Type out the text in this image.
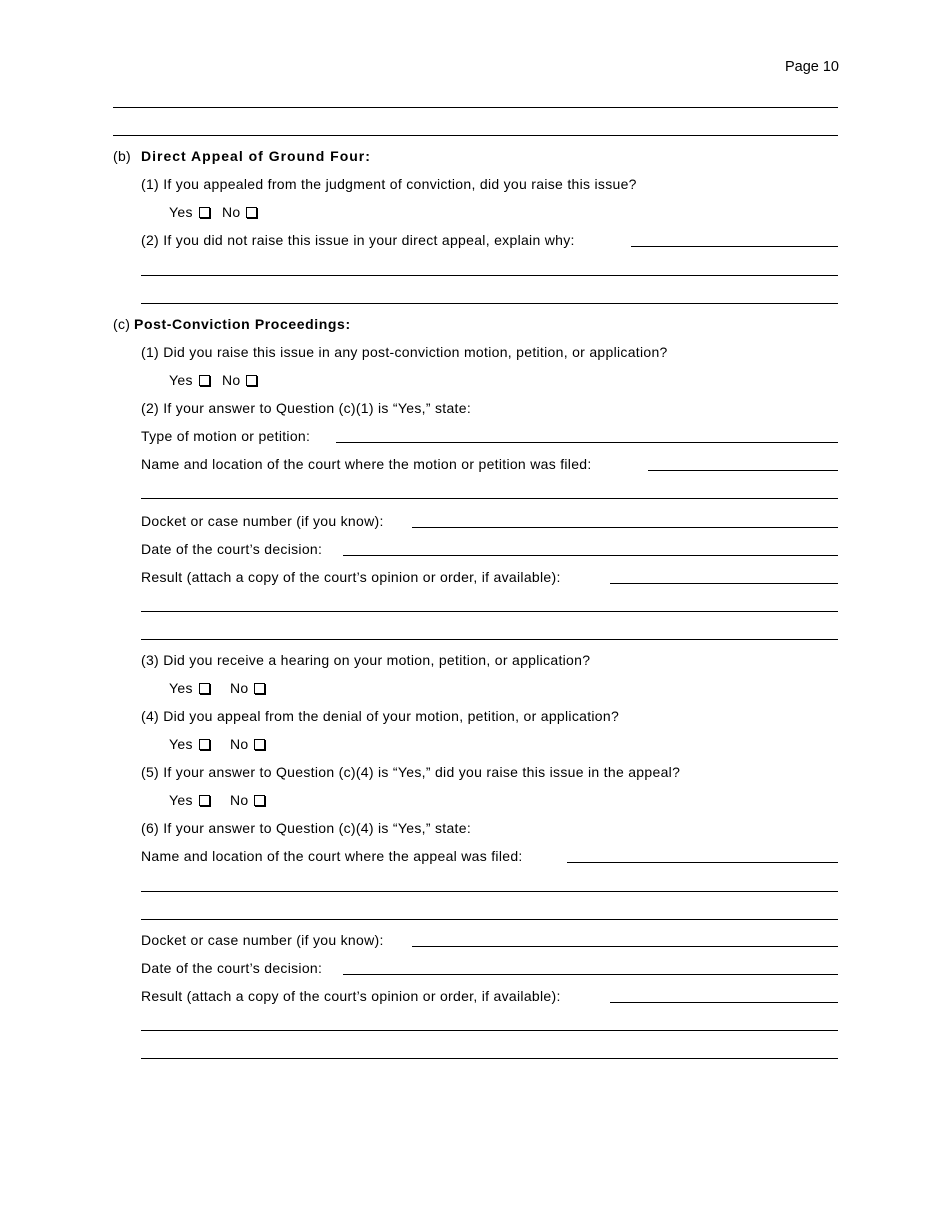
Page 10
(b) Direct Appeal of Ground Four:
(1) If you appealed from the judgment of conviction, did you raise this issue?
Yes No
(2) If you did not raise this issue in your direct appeal, explain why:
(c) Post-Conviction Proceedings:
(1) Did you raise this issue in any post-conviction motion, petition, or application?
Yes No
(2) If your answer to Question (c)(1) is “Yes,” state:
Type of motion or petition:
Name and location of the court where the motion or petition was filed:
Docket or case number (if you know):
Date of the court’s decision:
Result (attach a copy of the court’s opinion or order, if available):
(3) Did you receive a hearing on your motion, petition, or application?
Yes	No
(4) Did you appeal from the denial of your motion, petition, or application?
Yes	No
(5) If your answer to Question (c)(4) is “Yes,” did you raise this issue in the appeal?
Yes	No
(6) If your answer to Question (c)(4) is “Yes,” state:
Name and location of the court where the appeal was filed:
Docket or case number (if you know):
Date of the court’s decision:
Result (attach a copy of the court’s opinion or order, if available):
